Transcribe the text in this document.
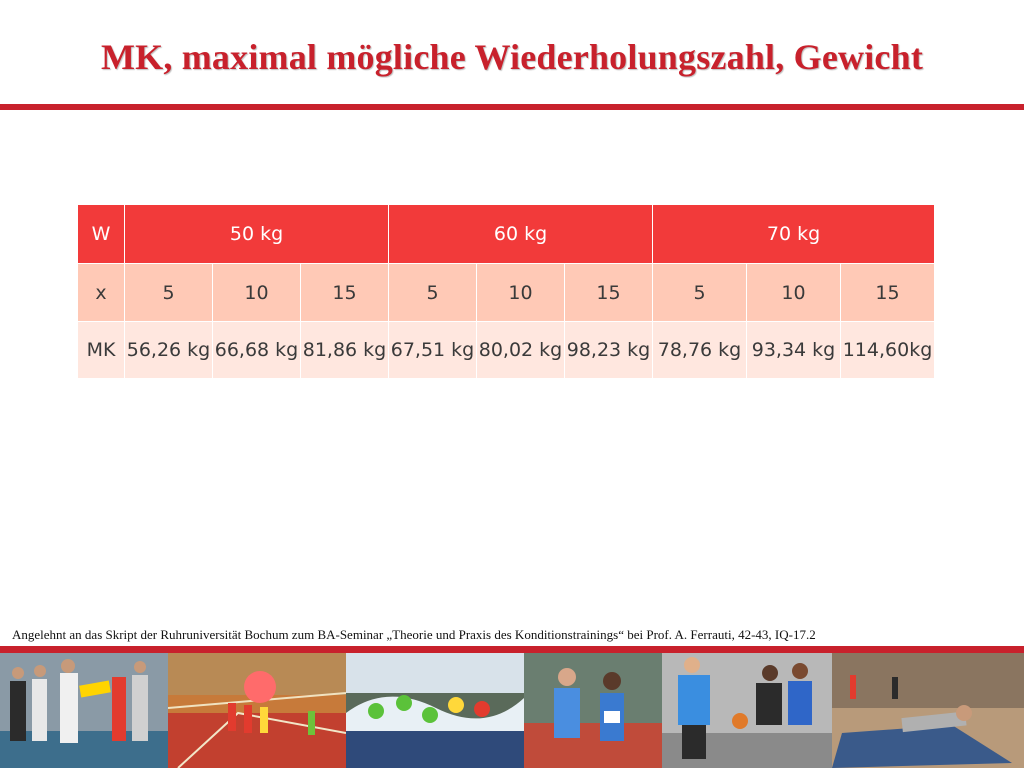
MK, maximal mögliche Wiederholungszahl, Gewicht
W	50 kg			60 kg			70 kg		
x	5	10	15	5	10	15	5	10	15
MK	56,26 kg	66,68 kg	81,86 kg	67,51 kg	80,02 kg	98,23 kg	78,76 kg	93,34 kg	114,60kg
Angelehnt an das Skript der Ruhruniversität Bochum zum BA-Seminar „Theorie und Praxis des Konditionstrainings“ bei Prof. A. Ferrauti, 42-43, IQ-17.2
